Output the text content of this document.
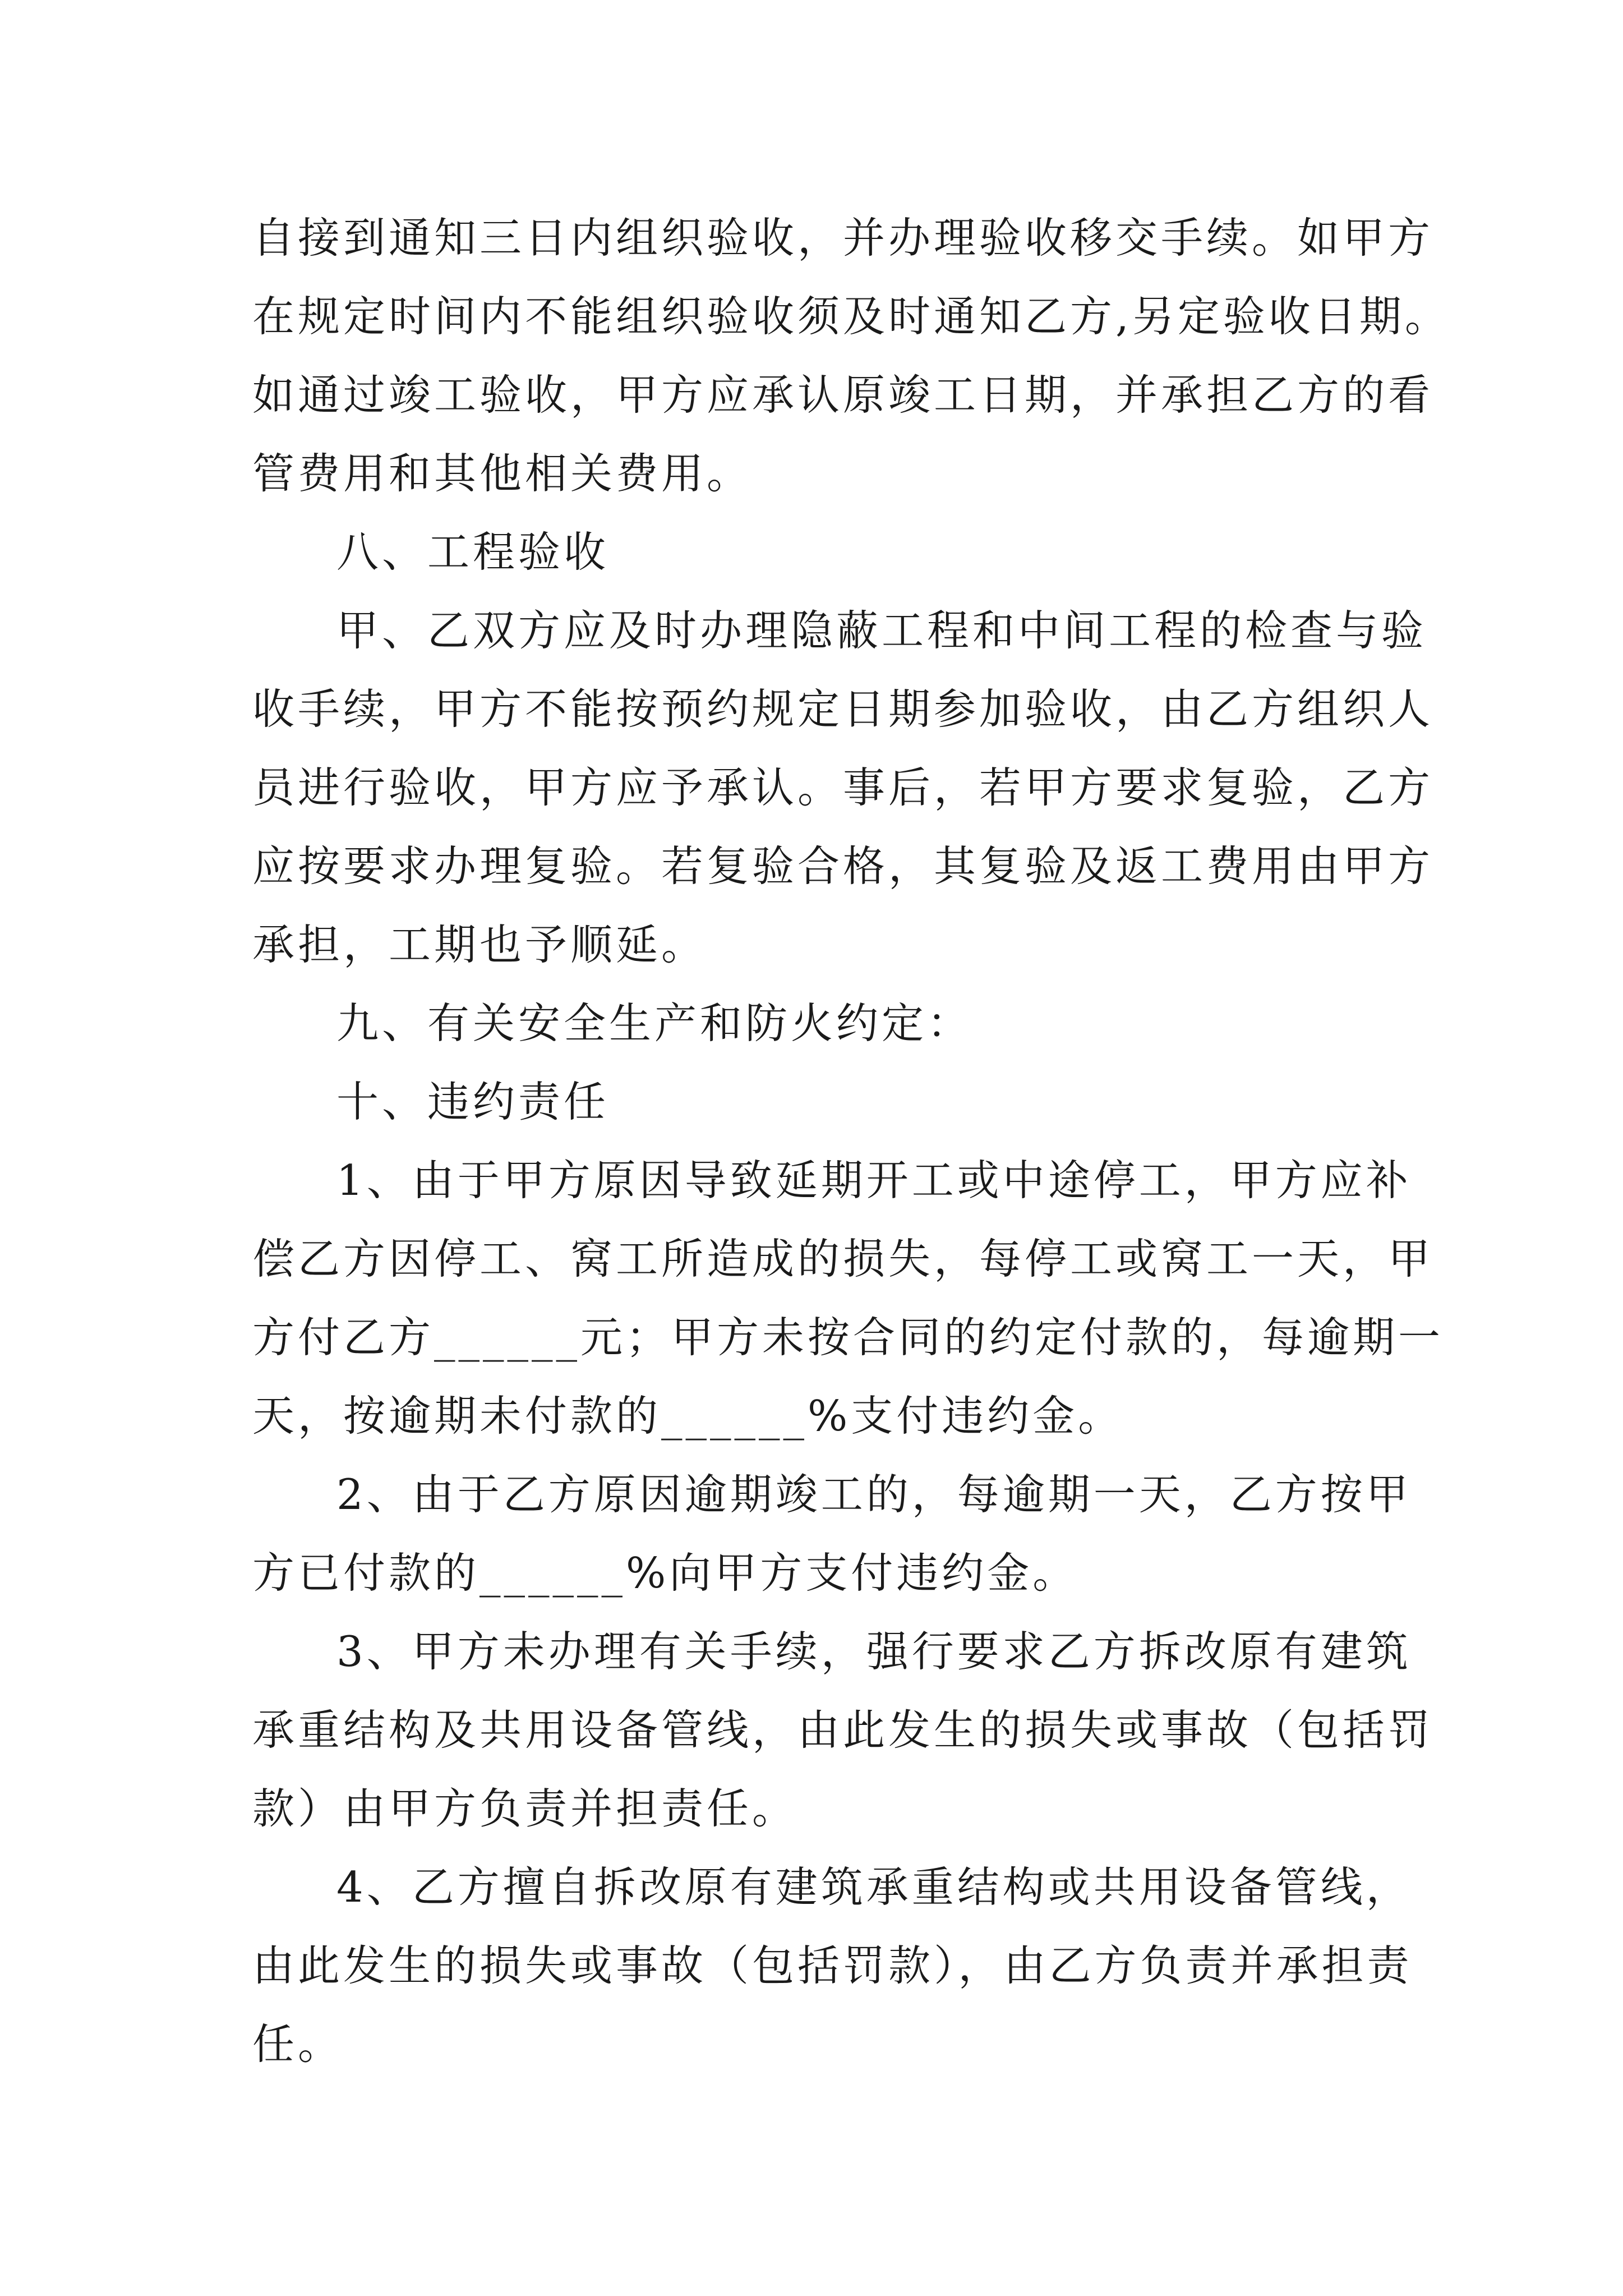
自接到通知三日内组织验收，并办理验收移交手续。如甲方

在规定时间内不能组织验收须及时通知乙方,另定验收日期。

如通过竣工验收，甲方应承认原竣工日期，并承担乙方的看

管费用和其他相关费用。

八、工程验收

甲、乙双方应及时办理隐蔽工程和中间工程的检查与验

收手续，甲方不能按预约规定日期参加验收，由乙方组织人

员进行验收，甲方应予承认。事后，若甲方要求复验，乙方

应按要求办理复验。若复验合格，其复验及返工费用由甲方

承担，工期也予顺延。

九、有关安全生产和防火约定：

十、违约责任

1、由于甲方原因导致延期开工或中途停工，甲方应补

偿乙方因停工、窝工所造成的损失，每停工或窝工一天，甲

方付乙方______元；甲方未按合同的约定付款的，每逾期一

天，按逾期未付款的______%支付违约金。

2、由于乙方原因逾期竣工的，每逾期一天，乙方按甲

方已付款的______%向甲方支付违约金。

3、甲方未办理有关手续，强行要求乙方拆改原有建筑

承重结构及共用设备管线，由此发生的损失或事故（包括罚

款）由甲方负责并担责任。

4、乙方擅自拆改原有建筑承重结构或共用设备管线，

由此发生的损失或事故（包括罚款），由乙方负责并承担责

任。
